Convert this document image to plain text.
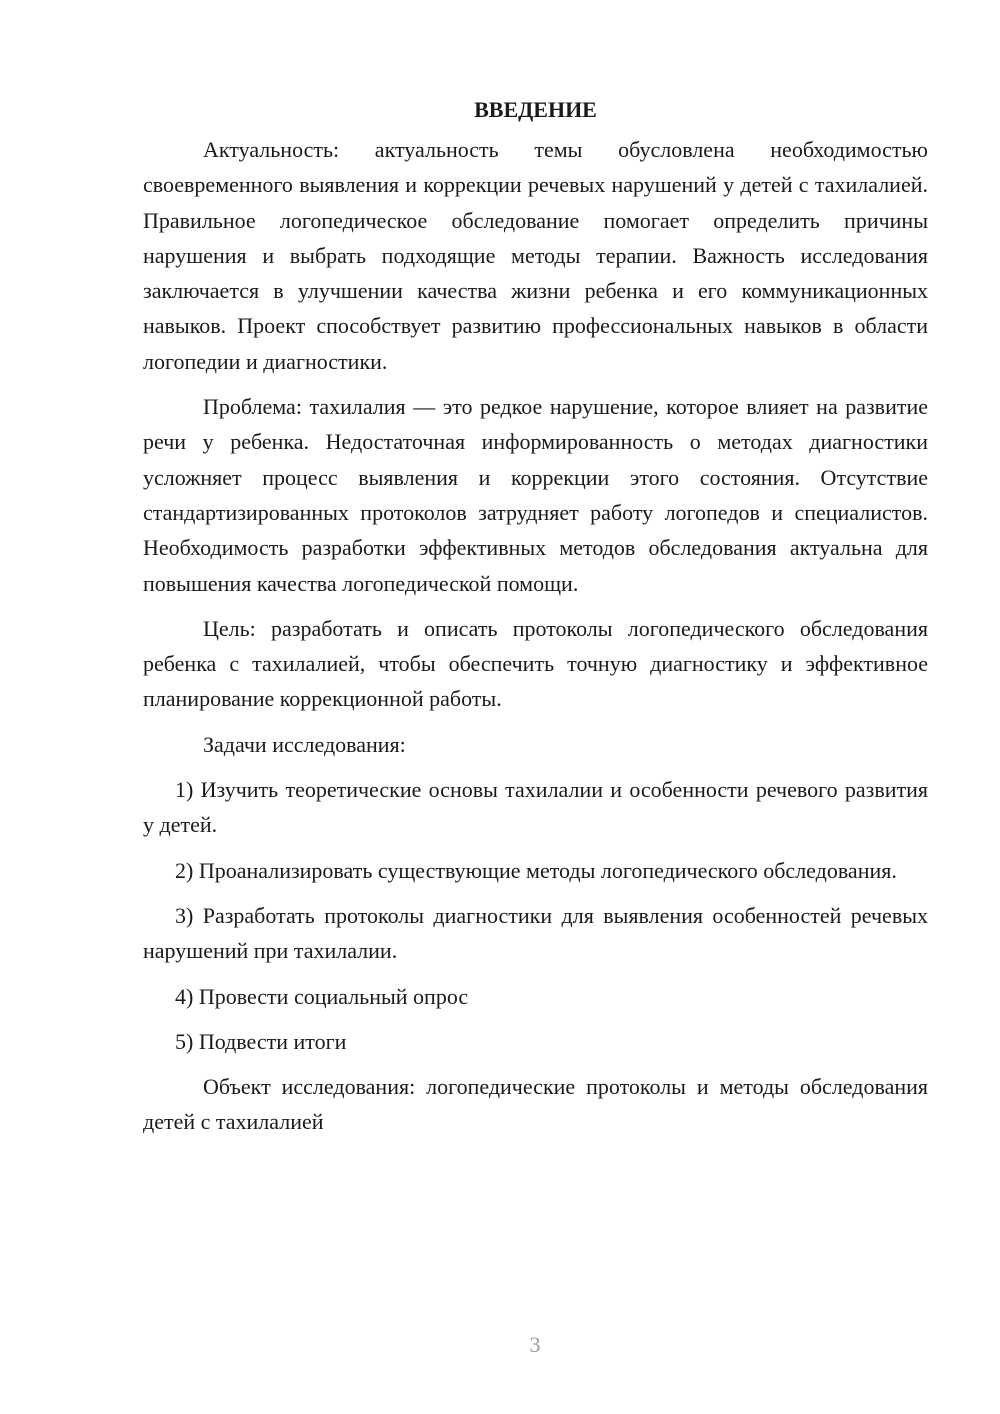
ВВЕДЕНИЕ

Актуальность: актуальность темы обусловлена необходимостью своевременного выявления и коррекции речевых нарушений у детей с тахилалией. Правильное логопедическое обследование помогает определить причины нарушения и выбрать подходящие методы терапии. Важность исследования заключается в улучшении качества жизни ребенка и его коммуникационных навыков. Проект способствует развитию профессиональных навыков в области логопедии и диагностики.

Проблема: тахилалия — это редкое нарушение, которое влияет на развитие речи у ребенка. Недостаточная информированность о методах диагностики усложняет процесс выявления и коррекции этого состояния. Отсутствие стандартизированных протоколов затрудняет работу логопедов и специалистов. Необходимость разработки эффективных методов обследования актуальна для повышения качества логопедической помощи.

Цель: разработать и описать протоколы логопедического обследования ребенка с тахилалией, чтобы обеспечить точную диагностику и эффективное планирование коррекционной работы.

Задачи исследования:

1) Изучить теоретические основы тахилалии и особенности речевого развития у детей.

2) Проанализировать существующие методы логопедического обследования.

3) Разработать протоколы диагностики для выявления особенностей речевых нарушений при тахилалии.

4) Провести социальный опрос

5) Подвести итоги

Объект исследования: логопедические протоколы и методы обследования детей с тахилалией

3
